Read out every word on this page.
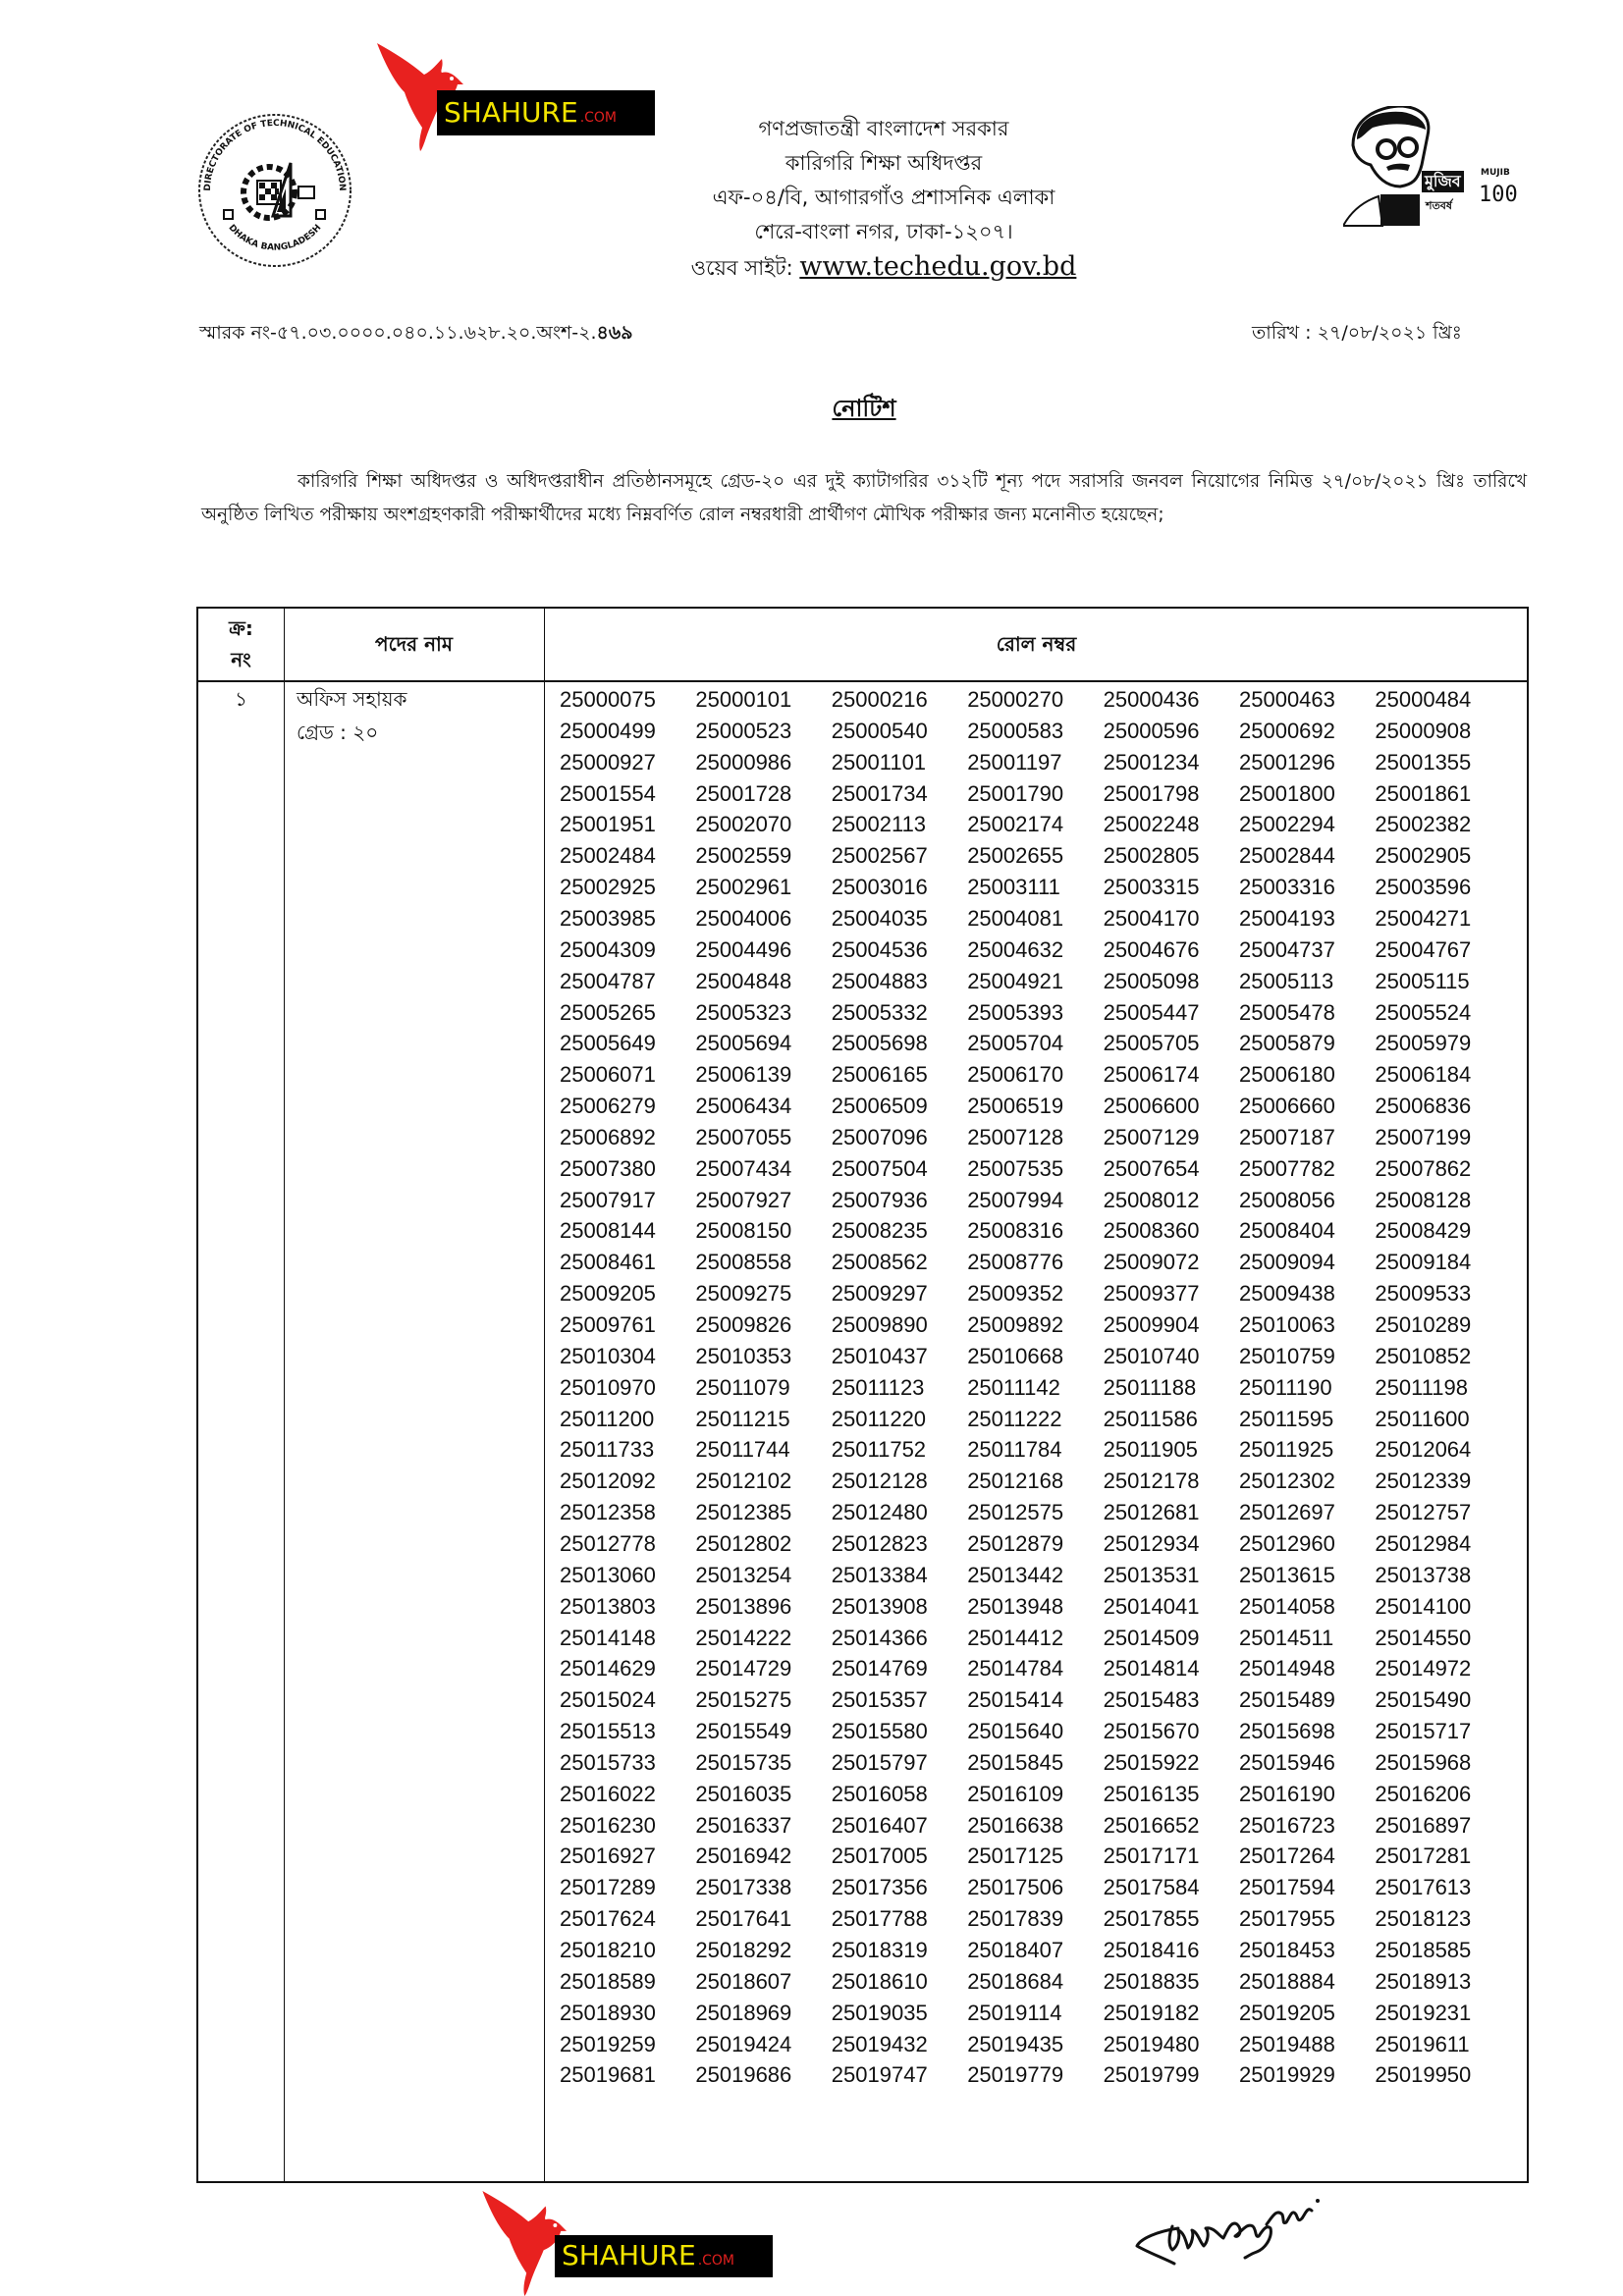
SHAHURE .COM
DIRECTORATE OF TECHNICAL EDUCATION
DHAKA BANGLADESH
গণপ্রজাতন্ত্রী বাংলাদেশ সরকার
কারিগরি শিক্ষা অধিদপ্তর
এফ-০৪/বি, আগারগাঁও প্রশাসনিক এলাকা
শেরে-বাংলা নগর, ঢাকা-১২০৭।
ওয়েব সাইট: www.techedu.gov.bd
মুজিব
শতবর্ষ
MUJIB
100
স্মারক নং-৫৭.০৩.০০০০.০৪০.১১.৬২৮.২০.অংশ-২.৪৬৯	তারিখ : ২৭/০৮/২০২১ খ্রিঃ
নোটিশ
কারিগরি শিক্ষা অধিদপ্তর ও অধিদপ্তরাধীন প্রতিষ্ঠানসমূহে গ্রেড-২০ এর দুই ক্যাটাগরির ৩১২টি শূন্য পদে সরাসরি জনবল নিয়োগের নিমিত্ত ২৭/০৮/২০২১ খ্রিঃ তারিখে অনুষ্ঠিত লিখিত পরীক্ষায় অংশগ্রহণকারী পরীক্ষার্থীদের মধ্যে নিম্নবর্ণিত রোল নম্বরধারী প্রার্থীগণ মৌখিক পরীক্ষার জন্য মনোনীত হয়েছেন;
ক্র:
নং
পদের নাম	রোল নম্বর
১	অফিস সহায়ক
গ্রেড : ২০
25000075	25000101	25000216	25000270	25000436	25000463	25000484
25000499	25000523	25000540	25000583	25000596	25000692	25000908
25000927	25000986	25001101	25001197	25001234	25001296	25001355
25001554	25001728	25001734	25001790	25001798	25001800	25001861
25001951	25002070	25002113	25002174	25002248	25002294	25002382
25002484	25002559	25002567	25002655	25002805	25002844	25002905
25002925	25002961	25003016	25003111	25003315	25003316	25003596
25003985	25004006	25004035	25004081	25004170	25004193	25004271
25004309	25004496	25004536	25004632	25004676	25004737	25004767
25004787	25004848	25004883	25004921	25005098	25005113	25005115
25005265	25005323	25005332	25005393	25005447	25005478	25005524
25005649	25005694	25005698	25005704	25005705	25005879	25005979
25006071	25006139	25006165	25006170	25006174	25006180	25006184
25006279	25006434	25006509	25006519	25006600	25006660	25006836
25006892	25007055	25007096	25007128	25007129	25007187	25007199
25007380	25007434	25007504	25007535	25007654	25007782	25007862
25007917	25007927	25007936	25007994	25008012	25008056	25008128
25008144	25008150	25008235	25008316	25008360	25008404	25008429
25008461	25008558	25008562	25008776	25009072	25009094	25009184
25009205	25009275	25009297	25009352	25009377	25009438	25009533
25009761	25009826	25009890	25009892	25009904	25010063	25010289
25010304	25010353	25010437	25010668	25010740	25010759	25010852
25010970	25011079	25011123	25011142	25011188	25011190	25011198
25011200	25011215	25011220	25011222	25011586	25011595	25011600
25011733	25011744	25011752	25011784	25011905	25011925	25012064
25012092	25012102	25012128	25012168	25012178	25012302	25012339
25012358	25012385	25012480	25012575	25012681	25012697	25012757
25012778	25012802	25012823	25012879	25012934	25012960	25012984
25013060	25013254	25013384	25013442	25013531	25013615	25013738
25013803	25013896	25013908	25013948	25014041	25014058	25014100
25014148	25014222	25014366	25014412	25014509	25014511	25014550
25014629	25014729	25014769	25014784	25014814	25014948	25014972
25015024	25015275	25015357	25015414	25015483	25015489	25015490
25015513	25015549	25015580	25015640	25015670	25015698	25015717
25015733	25015735	25015797	25015845	25015922	25015946	25015968
25016022	25016035	25016058	25016109	25016135	25016190	25016206
25016230	25016337	25016407	25016638	25016652	25016723	25016897
25016927	25016942	25017005	25017125	25017171	25017264	25017281
25017289	25017338	25017356	25017506	25017584	25017594	25017613
25017624	25017641	25017788	25017839	25017855	25017955	25018123
25018210	25018292	25018319	25018407	25018416	25018453	25018585
25018589	25018607	25018610	25018684	25018835	25018884	25018913
25018930	25018969	25019035	25019114	25019182	25019205	25019231
25019259	25019424	25019432	25019435	25019480	25019488	25019611
25019681	25019686	25019747	25019779	25019799	25019929	25019950
SHAHURE .COM
